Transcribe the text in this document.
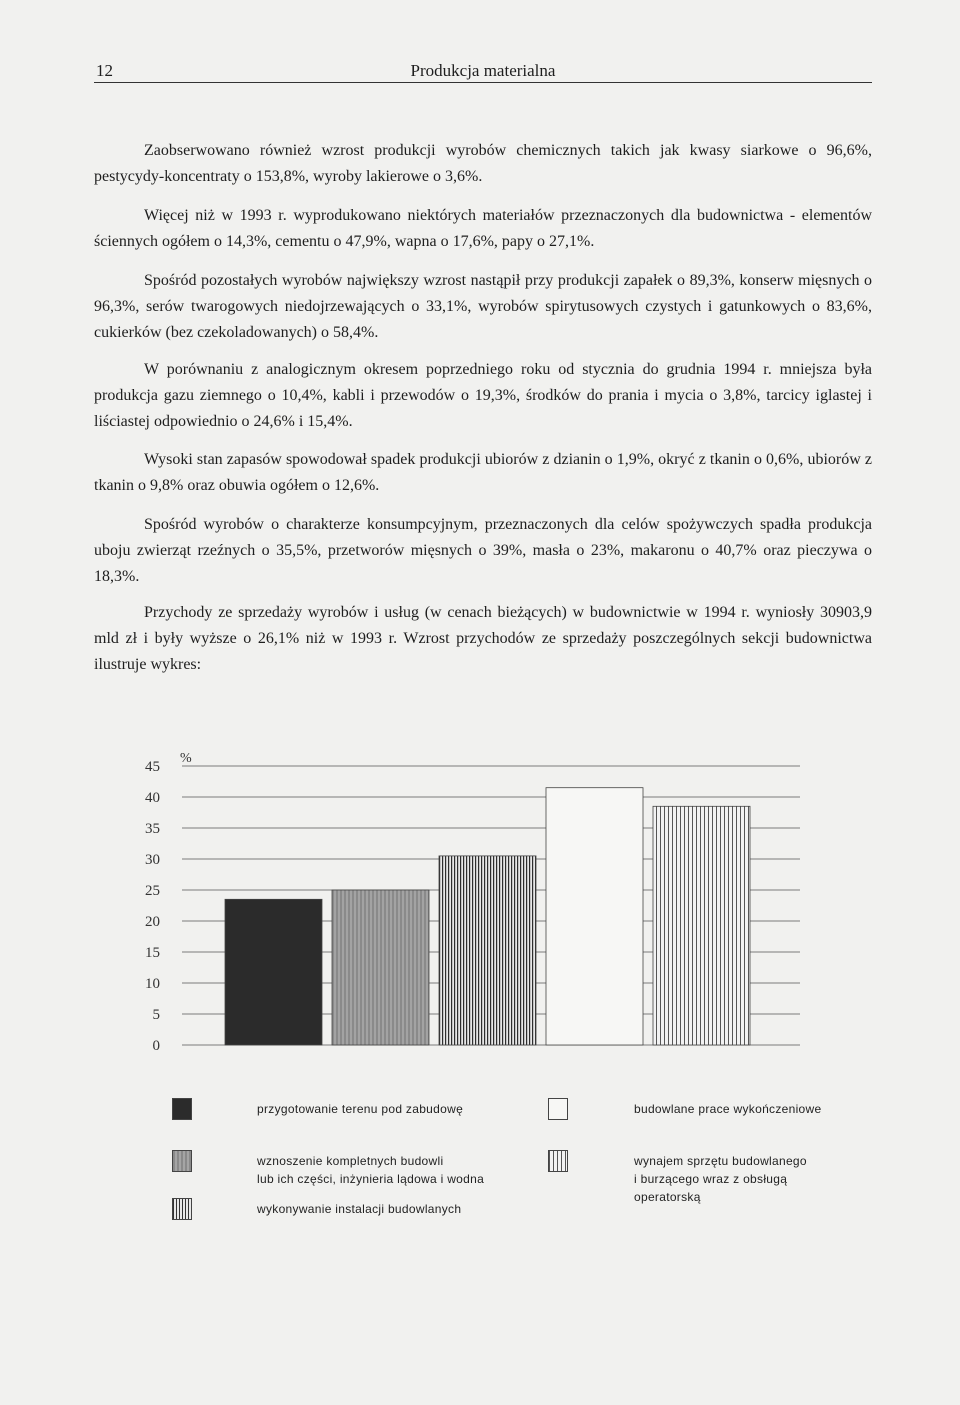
12	Produkcja materialna

Zaobserwowano również wzrost produkcji wyrobów chemicznych takich jak kwasy siarkowe o 96,6%, pestycydy-koncentraty o 153,8%, wyroby lakierowe o 3,6%.

Więcej niż w 1993 r. wyprodukowano niektórych materiałów przeznaczonych dla budownictwa - elementów ściennych ogółem o 14,3%, cementu o 47,9%, wapna o 17,6%, papy o 27,1%.

Spośród pozostałych wyrobów największy wzrost nastąpił przy produkcji zapałek o 89,3%, konserw mięsnych o 96,3%, serów twarogowych niedojrzewających o 33,1%, wyrobów spirytusowych czystych i gatunkowych o 83,6%, cukierków (bez czekoladowanych) o 58,4%.

W porównaniu z analogicznym okresem poprzedniego roku od stycznia do grudnia 1994 r. mniejsza była produkcja gazu ziemnego o 10,4%, kabli i przewodów o 19,3%, środków do prania i mycia o 3,8%, tarcicy iglastej i liściastej odpowiednio o 24,6% i 15,4%.

Wysoki stan zapasów spowodował spadek produkcji ubiorów z dzianin o 1,9%, okryć z tkanin o 0,6%, ubiorów z tkanin o 9,8% oraz obuwia ogółem o 12,6%.

Spośród wyrobów o charakterze konsumpcyjnym, przeznaczonych dla celów spożywczych spadła produkcja uboju zwierząt rzeźnych o 35,5%, przetworów mięsnych o 39%, masła o 23%, makaronu o 40,7% oraz pieczywa o 18,3%.

Przychody ze sprzedaży wyrobów i usług (w cenach bieżących) w budownictwie w 1994 r. wyniosły 30903,9 mld zł i były wyższe o 26,1% niż w 1993 r. Wzrost przychodów ze sprzedaży poszczególnych sekcji budownictwa ilustruje wykres:

0
5
10
15
20
25
30
35
40
45
%
przygotowanie terenu pod zabudowę
wznoszenie kompletnych budowli
lub ich części, inżynieria lądowa i wodna
wykonywanie instalacji budowlanych
budowlane prace wykończeniowe
wynajem sprzętu budowlanego
i burzącego wraz z obsługą
operatorską
